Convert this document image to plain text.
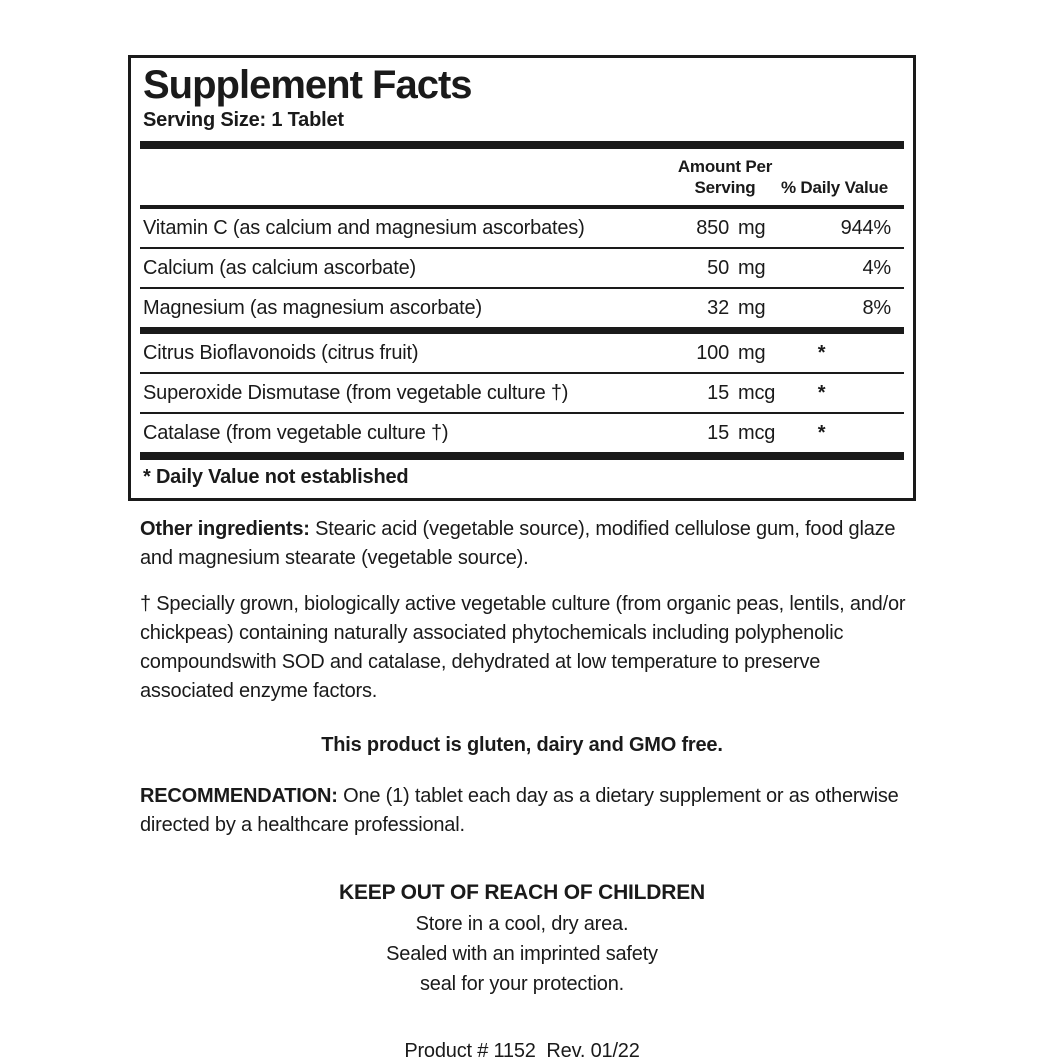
Supplement Facts
Serving Size: 1 Tablet
Amount Per Serving	% Daily Value
Vitamin C (as calcium and magnesium ascorbates)	850 mg	944%
Calcium (as calcium ascorbate)	50 mg	4%
Magnesium (as magnesium ascorbate)	32 mg	8%
Citrus Bioflavonoids (citrus fruit)	100 mg	*
Superoxide Dismutase (from vegetable culture †)	15 mcg	*
Catalase (from vegetable culture †)	15 mcg	*
* Daily Value not established

Other ingredients: Stearic acid (vegetable source), modified cellulose gum, food glaze and magnesium stearate (vegetable source).

† Specially grown, biologically active vegetable culture (from organic peas, lentils, and/or chickpeas) containing naturally associated phytochemicals including polyphenolic compoundswith SOD and catalase, dehydrated at low temperature to preserve associated enzyme factors.

This product is gluten, dairy and GMO free.

RECOMMENDATION: One (1) tablet each day as a dietary supplement or as otherwise directed by a healthcare professional.

KEEP OUT OF REACH OF CHILDREN
Store in a cool, dry area.
Sealed with an imprinted safety
seal for your protection.
Product # 1152  Rev. 01/22
